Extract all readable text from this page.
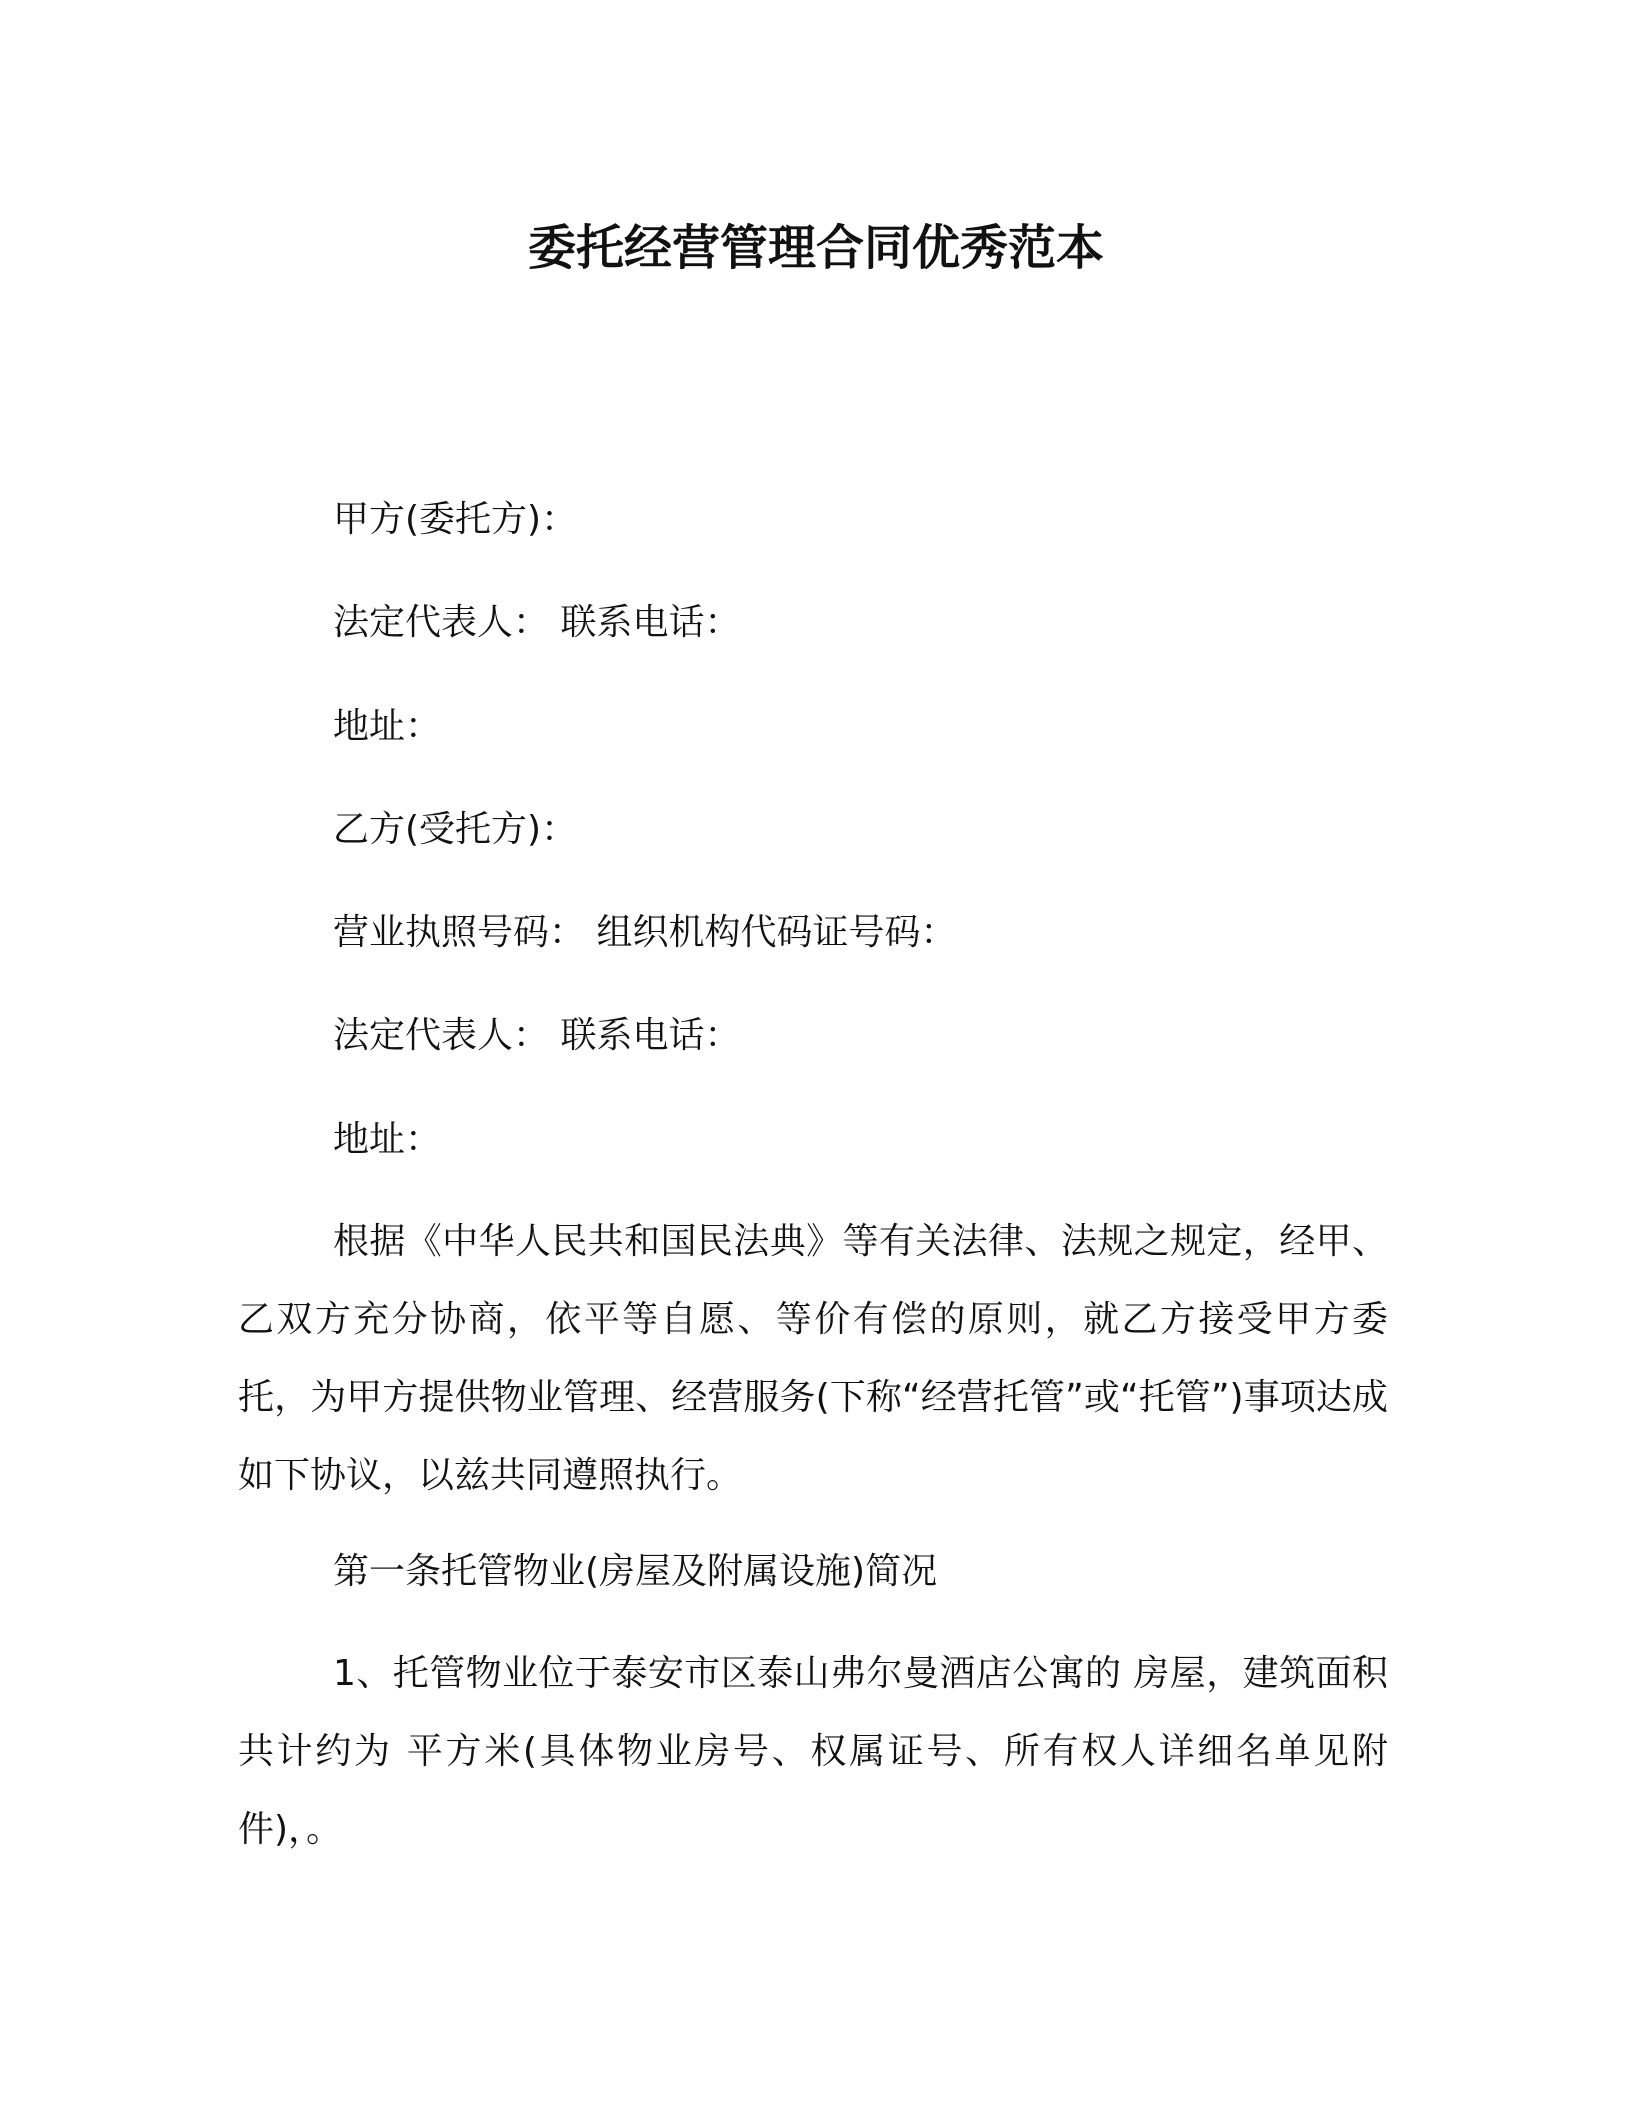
委托经营管理合同优秀范本
甲方(委托方)：
法定代表人： 联系电话：
地址：
乙方(受托方)：
营业执照号码： 组织机构代码证号码：
法定代表人： 联系电话：
地址：
根据《中华人民共和国民法典》等有关法律、法规之规定，经甲、乙双方充分协商，依平等自愿、等价有偿的原则，就乙方接受甲方委托，为甲方提供物业管理、经营服务(下称“经营托管”或“托管”)事项达成如下协议，以兹共同遵照执行。
第一条托管物业(房屋及附属设施)简况
1、托管物业位于泰安市区泰山弗尔曼酒店公寓的 房屋，建筑面积共计约为 平方米(具体物业房号、权属证号、所有权人详细名单见附件)，。
